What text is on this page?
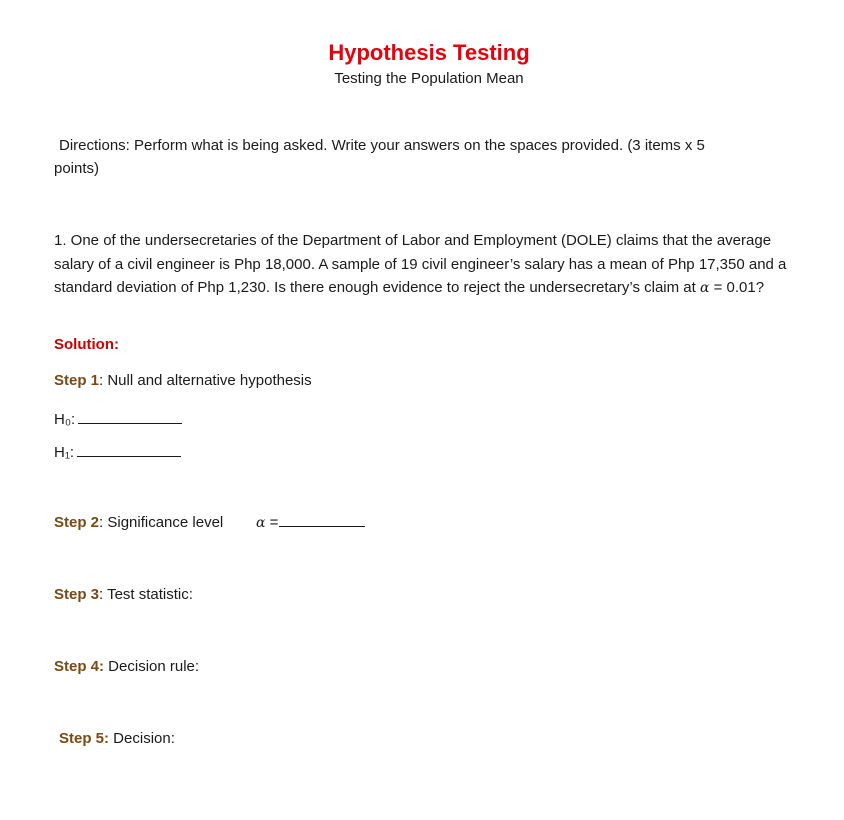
Hypothesis Testing
Testing the Population Mean
Directions: Perform what is being asked. Write your answers on the spaces provided. (3 items x 5
points)
1. One of the undersecretaries of the Department of Labor and Employment (DOLE) claims that the average salary of a civil engineer is Php 18,000. A sample of 19 civil engineer’s salary has a mean of Php 17,350 and a standard deviation of Php 1,230. Is there enough evidence to reject the undersecretary’s claim at α = 0.01?
Solution:
Step 1: Null and alternative hypothesis
H₀:
H₁:
Step 2: Significance level α =
Step 3: Test statistic:
Step 4: Decision rule:
Step 5: Decision:
